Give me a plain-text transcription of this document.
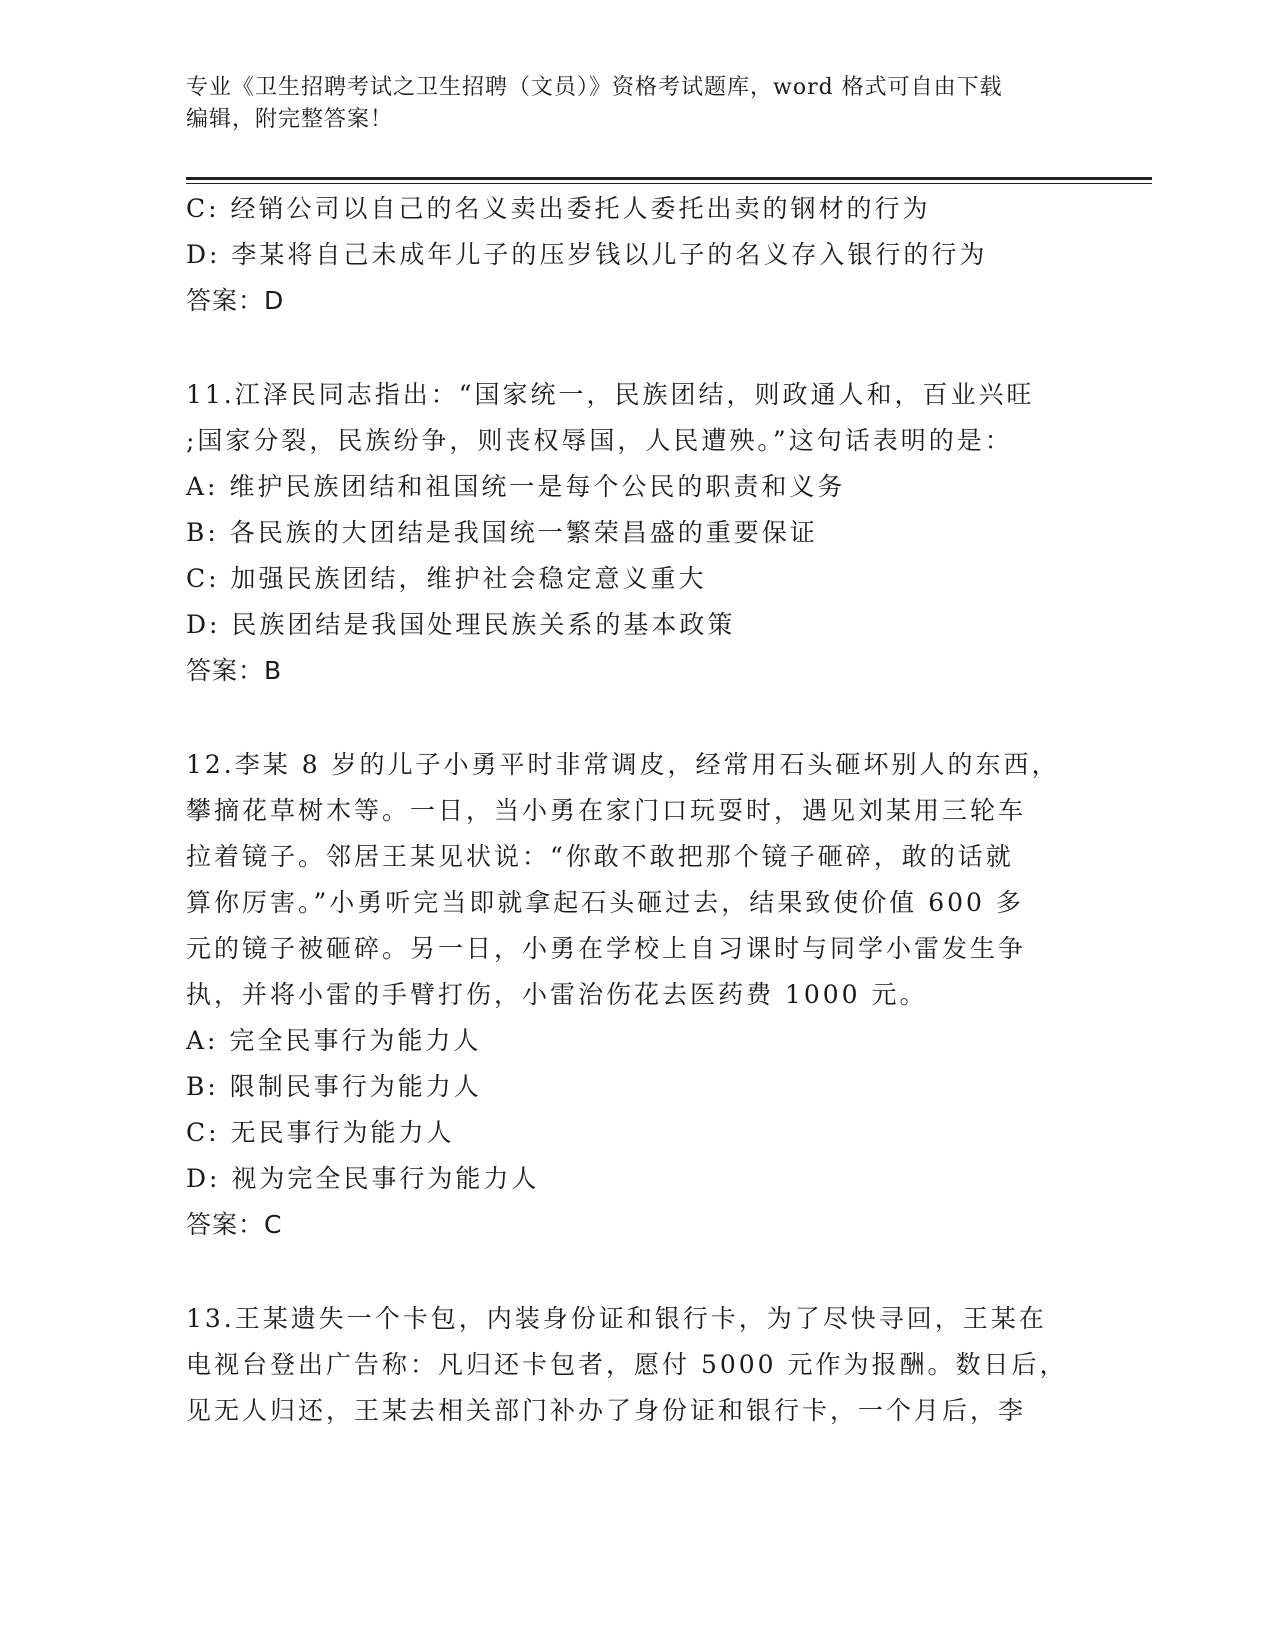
专业《卫生招聘考试之卫生招聘（文员）》资格考试题库，word 格式可自由下载
编辑，附完整答案！
C: 经销公司以自己的名义卖出委托人委托出卖的钢材的行为
D: 李某将自己未成年儿子的压岁钱以儿子的名义存入银行的行为
答案：D
11.江泽民同志指出：“国家统一，民族团结，则政通人和，百业兴旺
;国家分裂，民族纷争，则丧权辱国，人民遭殃。”这句话表明的是：
A: 维护民族团结和祖国统一是每个公民的职责和义务
B: 各民族的大团结是我国统一繁荣昌盛的重要保证
C: 加强民族团结，维护社会稳定意义重大
D: 民族团结是我国处理民族关系的基本政策
答案：B
12.李某 8 岁的儿子小勇平时非常调皮，经常用石头砸坏别人的东西，
攀摘花草树木等。一日，当小勇在家门口玩耍时，遇见刘某用三轮车
拉着镜子。邻居王某见状说：“你敢不敢把那个镜子砸碎，敢的话就
算你厉害。”小勇听完当即就拿起石头砸过去，结果致使价值 600 多
元的镜子被砸碎。另一日，小勇在学校上自习课时与同学小雷发生争
执，并将小雷的手臂打伤，小雷治伤花去医药费 1000 元。
A: 完全民事行为能力人
B: 限制民事行为能力人
C: 无民事行为能力人
D: 视为完全民事行为能力人
答案：C
13.王某遗失一个卡包，内装身份证和银行卡，为了尽快寻回，王某在
电视台登出广告称：凡归还卡包者，愿付 5000 元作为报酬。数日后，
见无人归还，王某去相关部门补办了身份证和银行卡，一个月后，李
